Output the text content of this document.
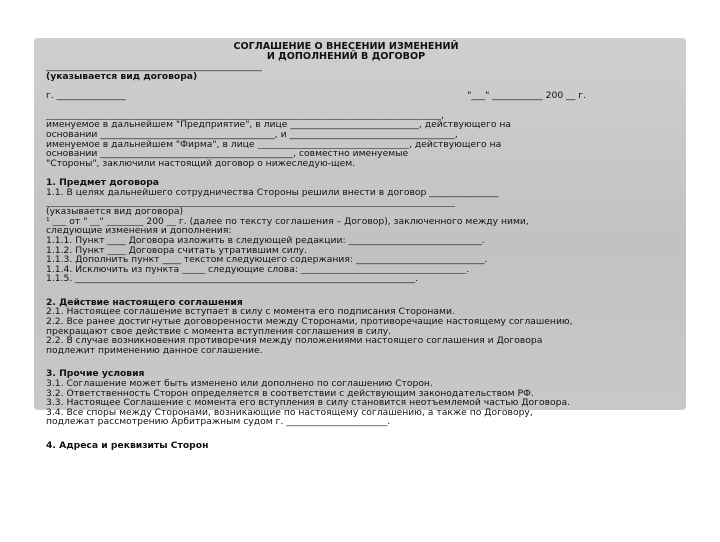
СОГЛАШЕНИЕ О ВНЕСЕНИИ ИЗМЕНЕНИЙ
И ДОПОЛНЕНИЙ В ДОГОВОР
_______________________________________________
(указывается вид договора)
г. _______________	"___" ___________ 200 __ г.
______________________________________________________________________________________,
именуемое в дальнейшем "Предприятие", в лице ____________________________, действующего на
основании ______________________________________, и ____________________________________,
именуемое в дальнейшем "Фирма", в лице _________________________________, действующего на
основании __________________________________________, совместно именуемые
"Стороны", заключили настоящий договор о нижеследую-щем.
1. Предмет договора
1.1. В целях дальнейшего сотрудничества Стороны решили внести в договор _______________
_________________________________________________________________________________________
(указывается вид договора)
¹ ___ от " __" ________ 200 __ г. (далее по тексту соглашения – Договор), заключенного между ними,
следующие изменения и дополнения:
1.1.1. Пункт ____ Договора изложить в следующей редакции: _____________________________.
1.1.2. Пункт ____ Договора считать утратившим силу.
1.1.3. Дополнить пункт ____ текстом следующего содержания: ____________________________.
1.1.4. Исключить из пункта _____ следующие слова: ____________________________________.
1.1.5. __________________________________________________________________________.
2. Действие настоящего соглашения
2.1. Настоящее соглашение вступает в силу с момента его подписания Сторонами.
2.2. Все ранее достигнутые договоренности между Сторонами, противоречащие настоящему соглашению,
прекращают свое действие с момента вступления соглашения в силу.
2.2. В случае возникновения противоречия между положениями настоящего соглашения и Договора
подлежит применению данное соглашение.
3. Прочие условия
3.1. Соглашение может быть изменено или дополнено по соглашению Сторон.
3.2. Ответственность Сторон определяется в соответствии с действующим законодательством РФ.
3.3. Настоящее Соглашение с момента его вступления в силу становится неотъемлемой частью Договора.
3.4. Все споры между Сторонами, возникающие по настоящему соглашению, а также по Договору,
подлежат рассмотрению Арбитражным судом г. ______________________.
4. Адреса и реквизиты Сторон
